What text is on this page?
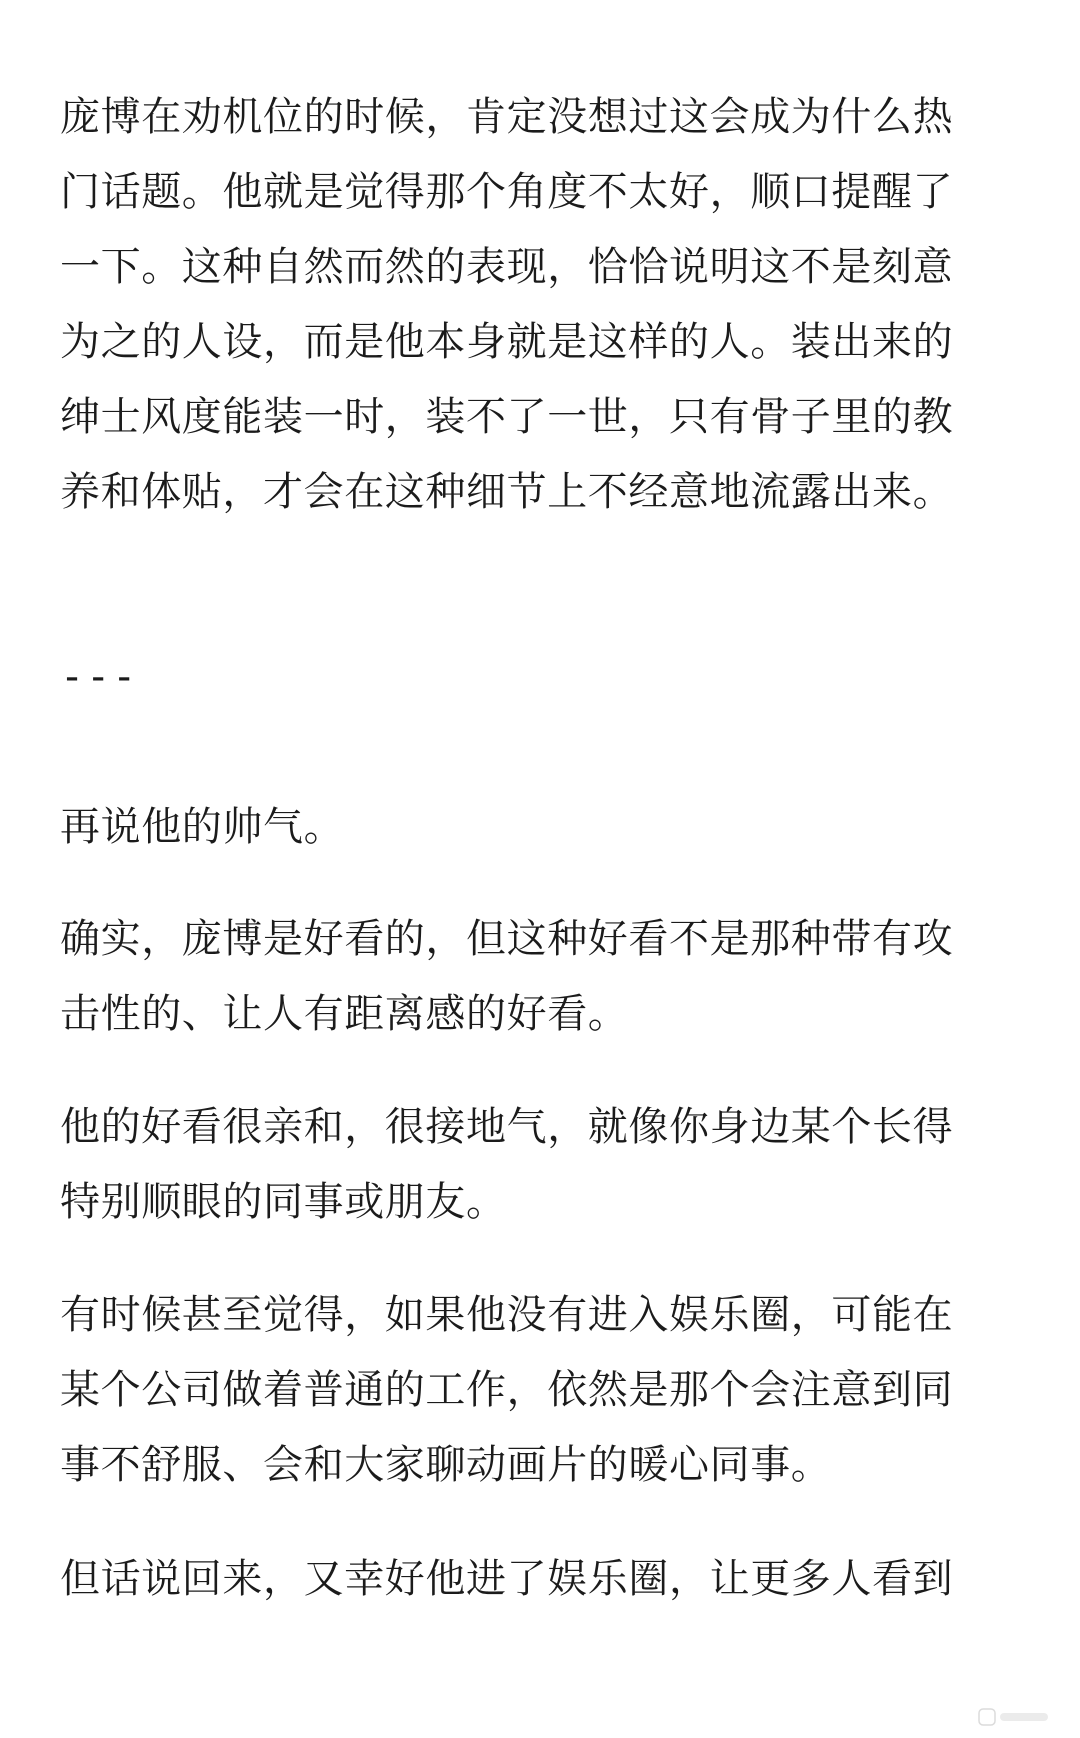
庞博在劝机位的时候，肯定没想过这会成为什么热
门话题。他就是觉得那个角度不太好，顺口提醒了
一下。这种自然而然的表现，恰恰说明这不是刻意
为之的人设，而是他本身就是这样的人。装出来的
绅士风度能装一时，装不了一世，只有骨子里的教
养和体贴，才会在这种细节上不经意地流露出来。

---

再说他的帅气。

确实，庞博是好看的，但这种好看不是那种带有攻
击性的、让人有距离感的好看。

他的好看很亲和，很接地气，就像你身边某个长得
特别顺眼的同事或朋友。

有时候甚至觉得，如果他没有进入娱乐圈，可能在
某个公司做着普通的工作，依然是那个会注意到同
事不舒服、会和大家聊动画片的暖心同事。

但话说回来，又幸好他进了娱乐圈，让更多人看到
